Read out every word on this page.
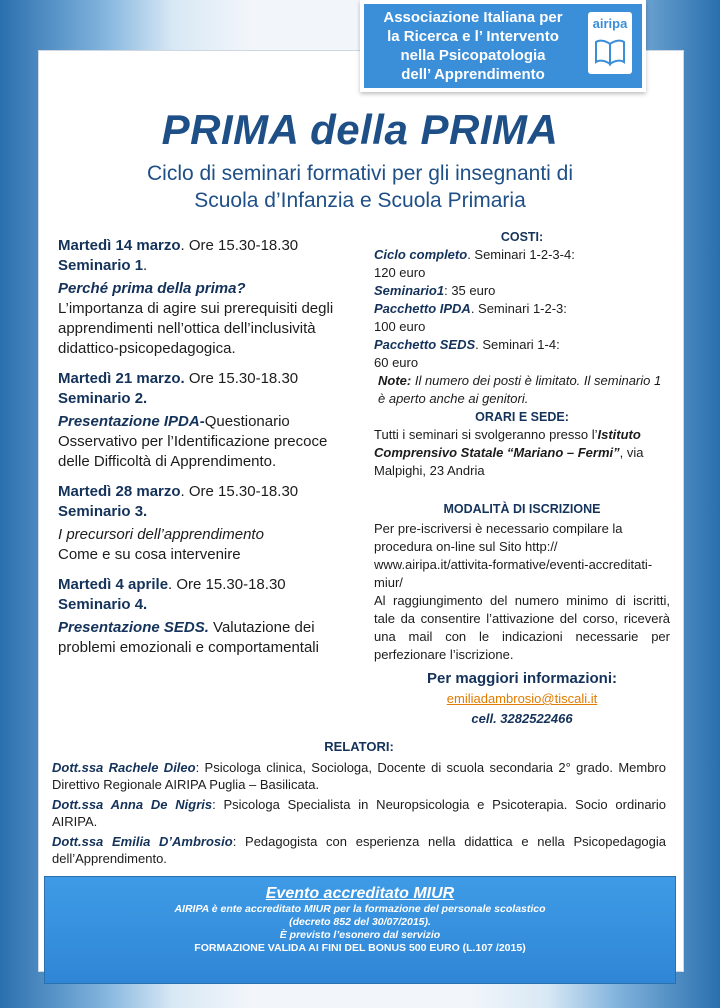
Associazione Italiana per
la Ricerca e l’ Intervento
nella Psicopatologia
dell’ Apprendimento
airipa
PRIMA della PRIMA
Ciclo di seminari formativi per gli insegnanti di
Scuola d’Infanzia e Scuola Primaria
Martedì 14 marzo. Ore 15.30-18.30
Seminario 1.
Perché prima della prima?
L’importanza di agire sui prerequisiti degli apprendimenti nell’ottica dell’inclusività didattico-psicopedagogica.
Martedì 21 marzo. Ore 15.30-18.30
Seminario 2.
Presentazione IPDA-Questionario Osservativo per l’Identificazione precoce delle Difficoltà di Apprendimento.
Martedì 28 marzo. Ore 15.30-18.30
Seminario 3.
I precursori dell’apprendimento
Come e su cosa intervenire
Martedì 4 aprile. Ore 15.30-18.30
Seminario 4.
Presentazione SEDS. Valutazione dei problemi emozionali e comportamentali
COSTI:
Ciclo completo. Seminari 1-2-3-4:
120 euro
Seminario1: 35 euro
Pacchetto IPDA. Seminari 1-2-3:
100 euro
Pacchetto SEDS. Seminari 1-4:
60 euro
Note: Il numero dei posti è limitato. Il seminario 1 è aperto anche ai genitori.
ORARI E SEDE:
Tutti i seminari si svolgeranno presso l’Istituto Comprensivo Statale “Mariano – Fermi”, via Malpighi, 23 Andria
MODALITÀ DI ISCRIZIONE
Per pre-iscriversi è necessario compilare la procedura on-line sul Sito http:// www.airipa.it/attivita-formative/eventi-accreditati-miur/
Al raggiungimento del numero minimo di iscritti, tale da consentire l’attivazione del corso, riceverà una mail con le indicazioni necessarie per perfezionare l’iscrizione.
Per maggiori informazioni:
emiliadambrosio@tiscali.it
cell. 3282522466
RELATORI:

Dott.ssa Rachele Dileo: Psicologa clinica, Sociologa, Docente di scuola secondaria 2° grado. Membro Direttivo Regionale AIRIPA Puglia – Basilicata.

Dott.ssa Anna De Nigris: Psicologa Specialista in Neuropsicologia e Psicoterapia. Socio ordinario AIRIPA.

Dott.ssa Emilia D’Ambrosio: Pedagogista con esperienza nella didattica e nella Psicopedagogia dell’Apprendimento.

Evento accreditato MIUR
AIRIPA è ente accreditato MIUR per la formazione del personale scolastico
(decreto 852 del 30/07/2015).
È previsto l’esonero dal servizio
FORMAZIONE VALIDA AI FINI DEL BONUS 500 EURO (L.107 /2015)
